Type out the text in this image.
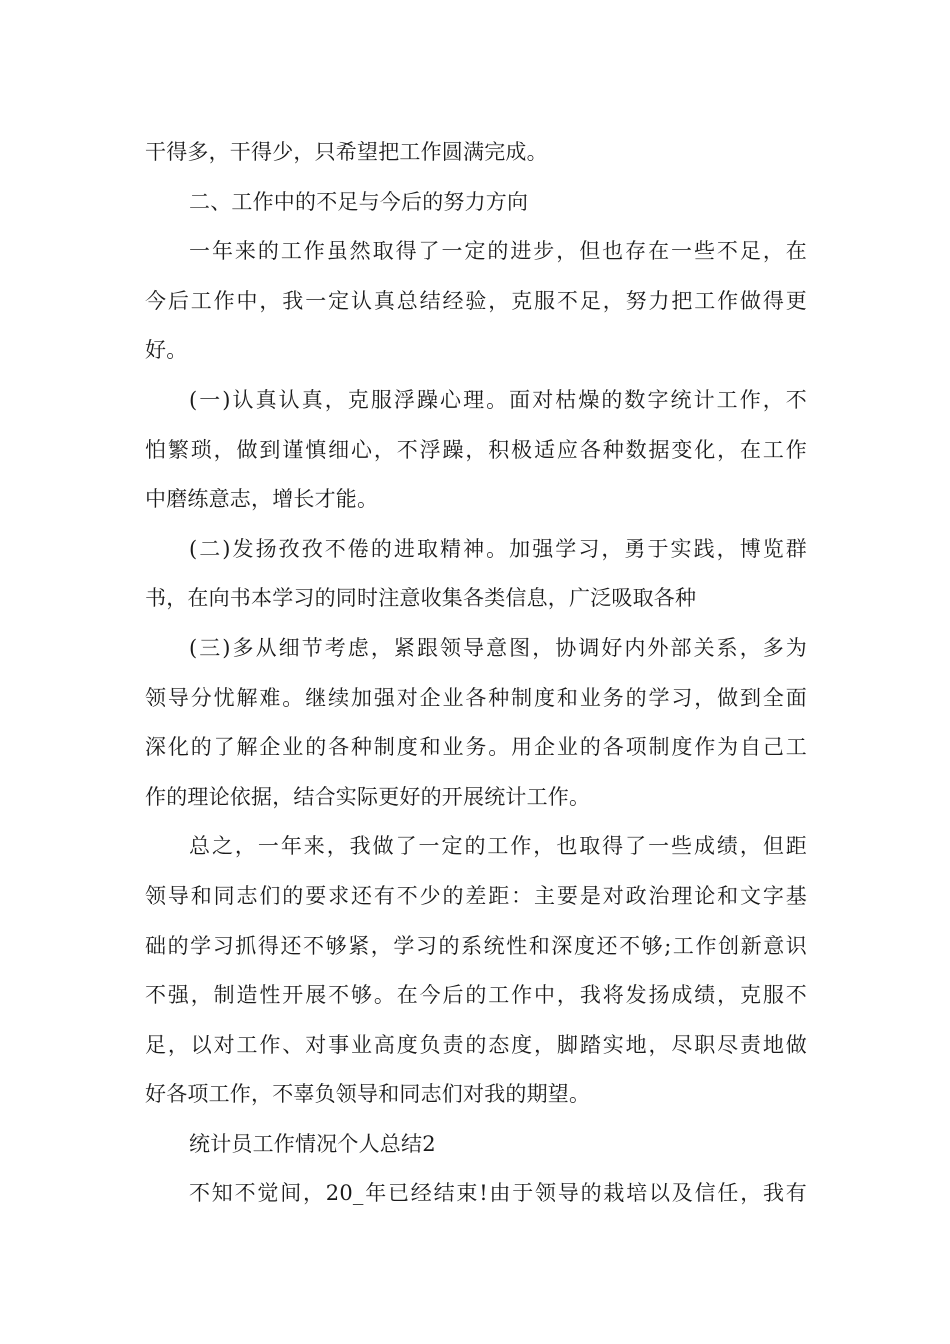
干得多，干得少，只希望把工作圆满完成。
二、工作中的不足与今后的努力方向
一年来的工作虽然取得了一定的进步，但也存在一些不足，在
今后工作中，我一定认真总结经验，克服不足，努力把工作做得更
好。
(一)认真认真，克服浮躁心理。面对枯燥的数字统计工作，不
怕繁琐，做到谨慎细心，不浮躁，积极适应各种数据变化，在工作
中磨练意志，增长才能。
(二)发扬孜孜不倦的进取精神。加强学习，勇于实践，博览群
书，在向书本学习的同时注意收集各类信息，广泛吸取各种
(三)多从细节考虑，紧跟领导意图，协调好内外部关系，多为
领导分忧解难。继续加强对企业各种制度和业务的学习，做到全面
深化的了解企业的各种制度和业务。用企业的各项制度作为自己工
作的理论依据，结合实际更好的开展统计工作。
总之，一年来，我做了一定的工作，也取得了一些成绩，但距
领导和同志们的要求还有不少的差距：主要是对政治理论和文字基
础的学习抓得还不够紧，学习的系统性和深度还不够;工作创新意识
不强，制造性开展不够。在今后的工作中，我将发扬成绩，克服不
足，以对工作、对事业高度负责的态度，脚踏实地，尽职尽责地做
好各项工作，不辜负领导和同志们对我的期望。
统计员工作情况个人总结2
不知不觉间，20_年已经结束!由于领导的栽培以及信任，我有
